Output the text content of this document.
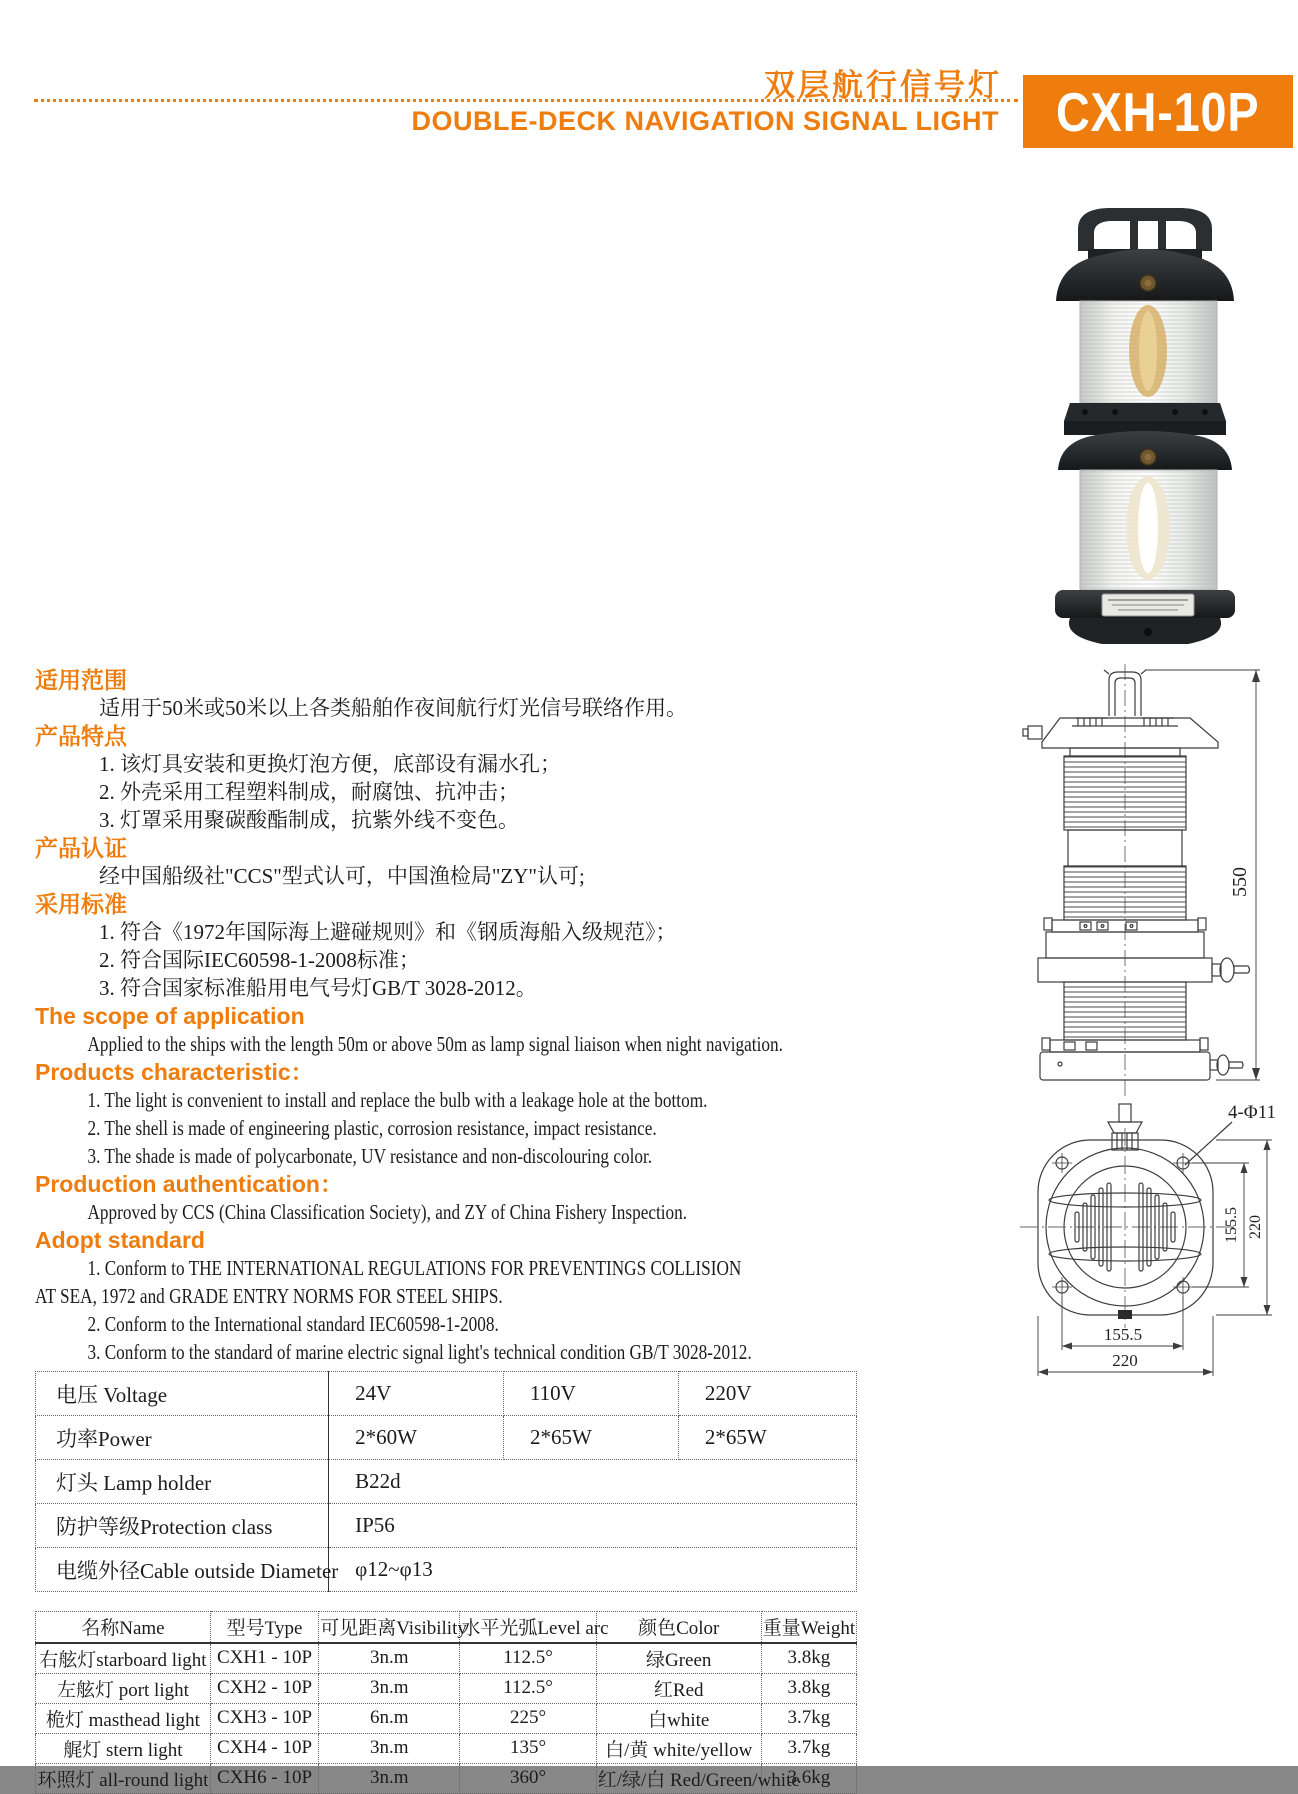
双层航行信号灯
DOUBLE-DECK NAVIGATION SIGNAL LIGHT CXH-10P
550
4-Φ11
155.5 220
155.5
220
适用范围
适用于50米或50米以上各类船舶作夜间航行灯光信号联络作用。
产品特点
1. 该灯具安装和更换灯泡方便，底部设有漏水孔；
2. 外壳采用工程塑料制成，耐腐蚀、抗冲击；
3. 灯罩采用聚碳酸酯制成，抗紫外线不变色。
产品认证
经中国船级社"CCS"型式认可，中国渔检局"ZY"认可;
采用标准
1. 符合《1972年国际海上避碰规则》和《钢质海船入级规范》；
2. 符合国际IEC60598-1-2008标准；
3. 符合国家标准船用电气号灯GB/T 3028-2012。
The scope of application
Applied to the ships with the length 50m or above 50m as lamp signal liaison when night navigation.
Products characteristic：
1. The light is convenient to install and replace the bulb with a leakage hole at the bottom.
2. The shell is made of engineering plastic, corrosion resistance, impact resistance.
3. The shade is made of polycarbonate, UV resistance and non-discolouring color.
Production authentication：
Approved by CCS (China Classification Society), and ZY of China Fishery Inspection.
Adopt standard
1. Conform to THE INTERNATIONAL REGULATIONS FOR PREVENTINGS COLLISION
AT SEA, 1972 and GRADE ENTRY NORMS FOR STEEL SHIPS.
2. Conform to the International standard IEC60598-1-2008.
3. Conform to the standard of marine electric signal light's technical condition GB/T 3028-2012.
电压 Voltage	24V	110V	220V
功率Power	2*60W	2*65W	2*65W
灯头 Lamp holder	B22d		
防护等级Protection class	IP56		
电缆外径Cable outside Diameter	φ12~φ13		
名称Name	型号Type	可见距离Visibility	水平光弧Level arc	颜色Color	重量Weight
右舷灯starboard light	CXH1 - 10P	3n.m	112.5°	绿Green	3.8kg
左舷灯 port light	CXH2 - 10P	3n.m	112.5°	红Red	3.8kg
桅灯 masthead light	CXH3 - 10P	6n.m	225°	白white	3.7kg
艉灯 stern light	CXH4 - 10P	3n.m	135°	白/黄 white/yellow	3.7kg
环照灯 all-round light	CXH6 - 10P	3n.m	360°	红/绿/白 Red/Green/white	3.6kg
